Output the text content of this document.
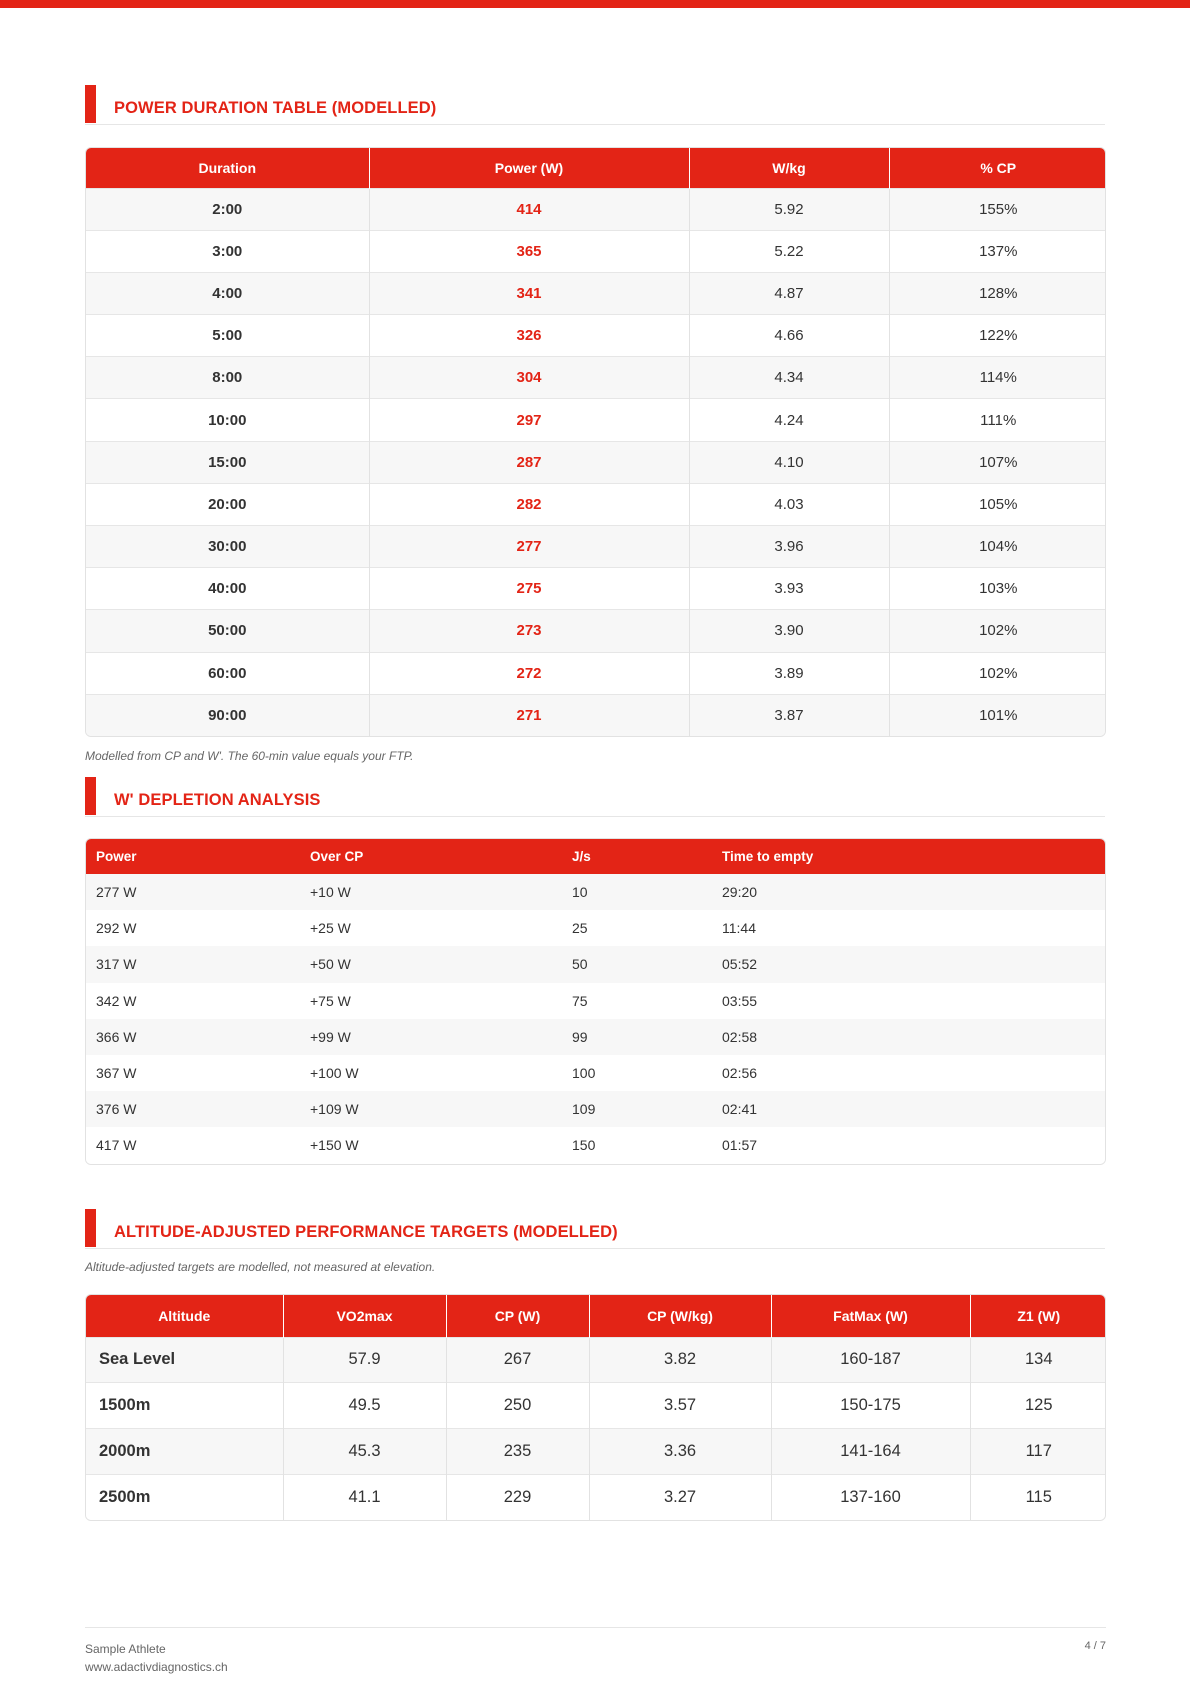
POWER DURATION TABLE (MODELLED)
Duration	Power (W)	W/kg	% CP
2:00	414	5.92	155%
3:00	365	5.22	137%
4:00	341	4.87	128%
5:00	326	4.66	122%
8:00	304	4.34	114%
10:00	297	4.24	111%
15:00	287	4.10	107%
20:00	282	4.03	105%
30:00	277	3.96	104%
40:00	275	3.93	103%
50:00	273	3.90	102%
60:00	272	3.89	102%
90:00	271	3.87	101%
Modelled from CP and W'. The 60-min value equals your FTP.
W' DEPLETION ANALYSIS
Power	Over CP	J/s	Time to empty
277 W	+10 W	10	29:20
292 W	+25 W	25	11:44
317 W	+50 W	50	05:52
342 W	+75 W	75	03:55
366 W	+99 W	99	02:58
367 W	+100 W	100	02:56
376 W	+109 W	109	02:41
417 W	+150 W	150	01:57
ALTITUDE-ADJUSTED PERFORMANCE TARGETS (MODELLED)
Altitude-adjusted targets are modelled, not measured at elevation.
Altitude	VO2max	CP (W)	CP (W/kg)	FatMax (W)	Z1 (W)
Sea Level	57.9	267	3.82	160-187	134
1500m	49.5	250	3.57	150-175	125
2000m	45.3	235	3.36	141-164	117
2500m	41.1	229	3.27	137-160	115
Sample Athlete
www.adactivdiagnostics.ch
4 / 7
